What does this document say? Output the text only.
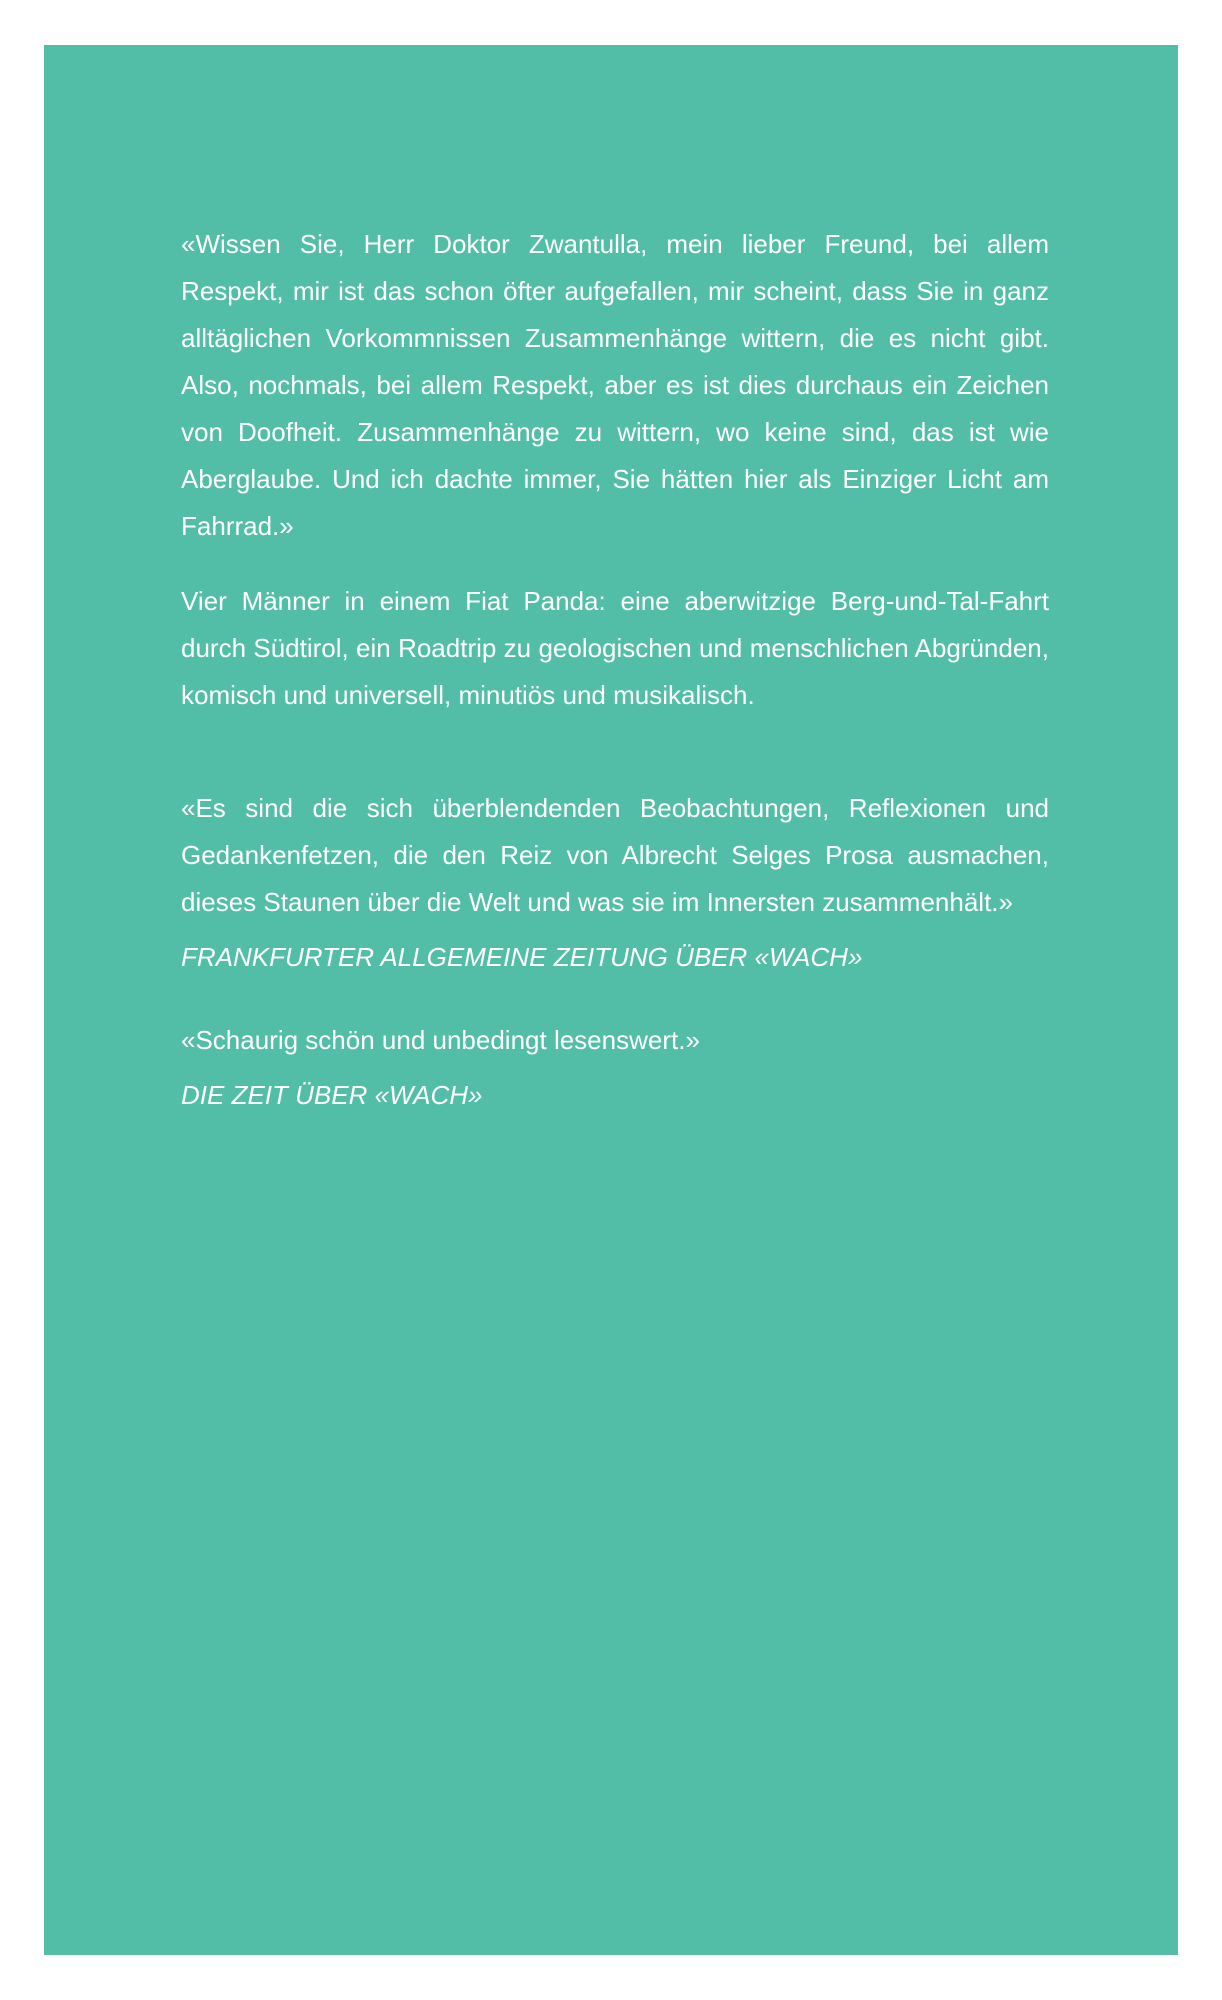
«Wissen Sie, Herr Doktor Zwantulla, mein lieber Freund, bei allem Respekt, mir ist das schon öfter aufgefallen, mir scheint, dass Sie in ganz alltäglichen Vorkommnissen Zusammenhänge wittern, die es nicht gibt. Also, nochmals, bei allem Respekt, aber es ist dies durchaus ein Zeichen von Doofheit. Zusammenhänge zu wittern, wo keine sind, das ist wie Aberglaube. Und ich dachte immer, Sie hätten hier als Einziger Licht am Fahrrad.»

Vier Männer in einem Fiat Panda: eine aberwitzige Berg-und-Tal-Fahrt durch Südtirol, ein Roadtrip zu geologischen und menschlichen Abgründen, komisch und universell, minutiös und musikalisch.

«Es sind die sich überblendenden Beobachtungen, Reflexionen und Gedankenfetzen, die den Reiz von Albrecht Selges Prosa ausmachen, dieses Staunen über die Welt und was sie im Innersten zusammenhält.»

FRANKFURTER ALLGEMEINE ZEITUNG ÜBER «WACH»

«Schaurig schön und unbedingt lesenswert.»

DIE ZEIT ÜBER «WACH»
